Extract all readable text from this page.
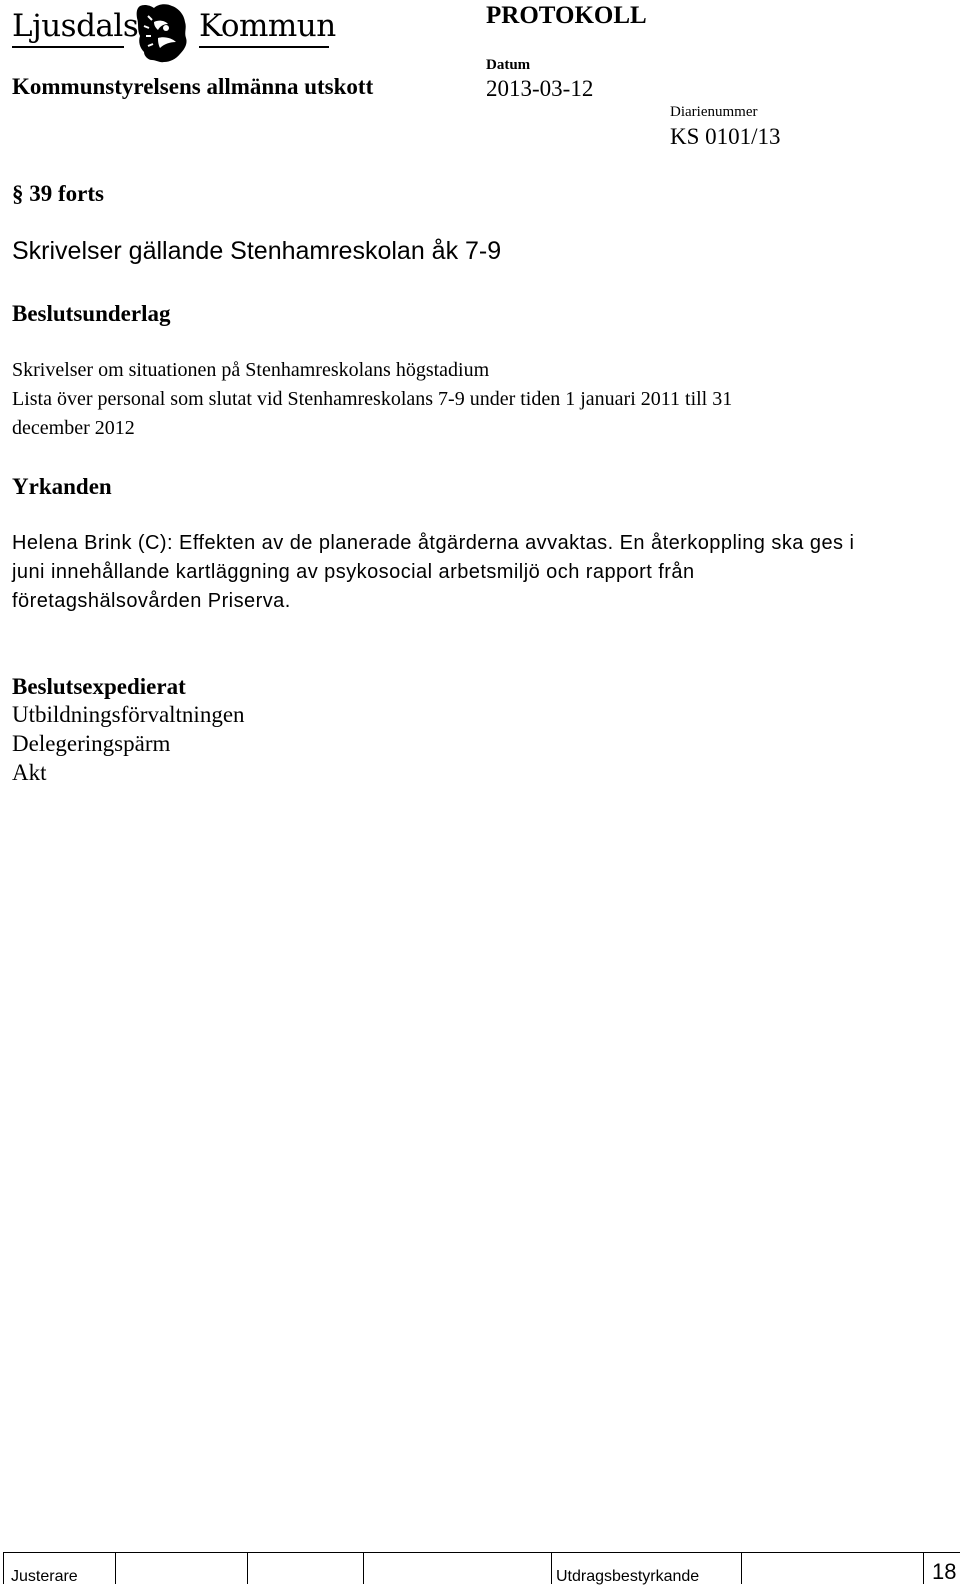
Ljusdals Kommun	PROTOKOLL
Kommunstyrelsens allmänna utskott
Datum
2013-03-12
Diarienummer
KS 0101/13
§ 39 forts
Skrivelser gällande Stenhamreskolan åk 7-9
Beslutsunderlag
Skrivelser om situationen på Stenhamreskolans högstadium
Lista över personal som slutat vid Stenhamreskolans 7-9 under tiden 1 januari 2011 till 31
december 2012
Yrkanden
Helena Brink (C): Effekten av de planerade åtgärderna avvaktas. En återkoppling ska ges i
juni innehållande kartläggning av psykosocial arbetsmiljö och rapport från
företagshälsovården Priserva.
Beslutsexpedierat
Utbildningsförvaltningen
Delegeringspärm
Akt
Justerare	Utdragsbestyrkande	18
